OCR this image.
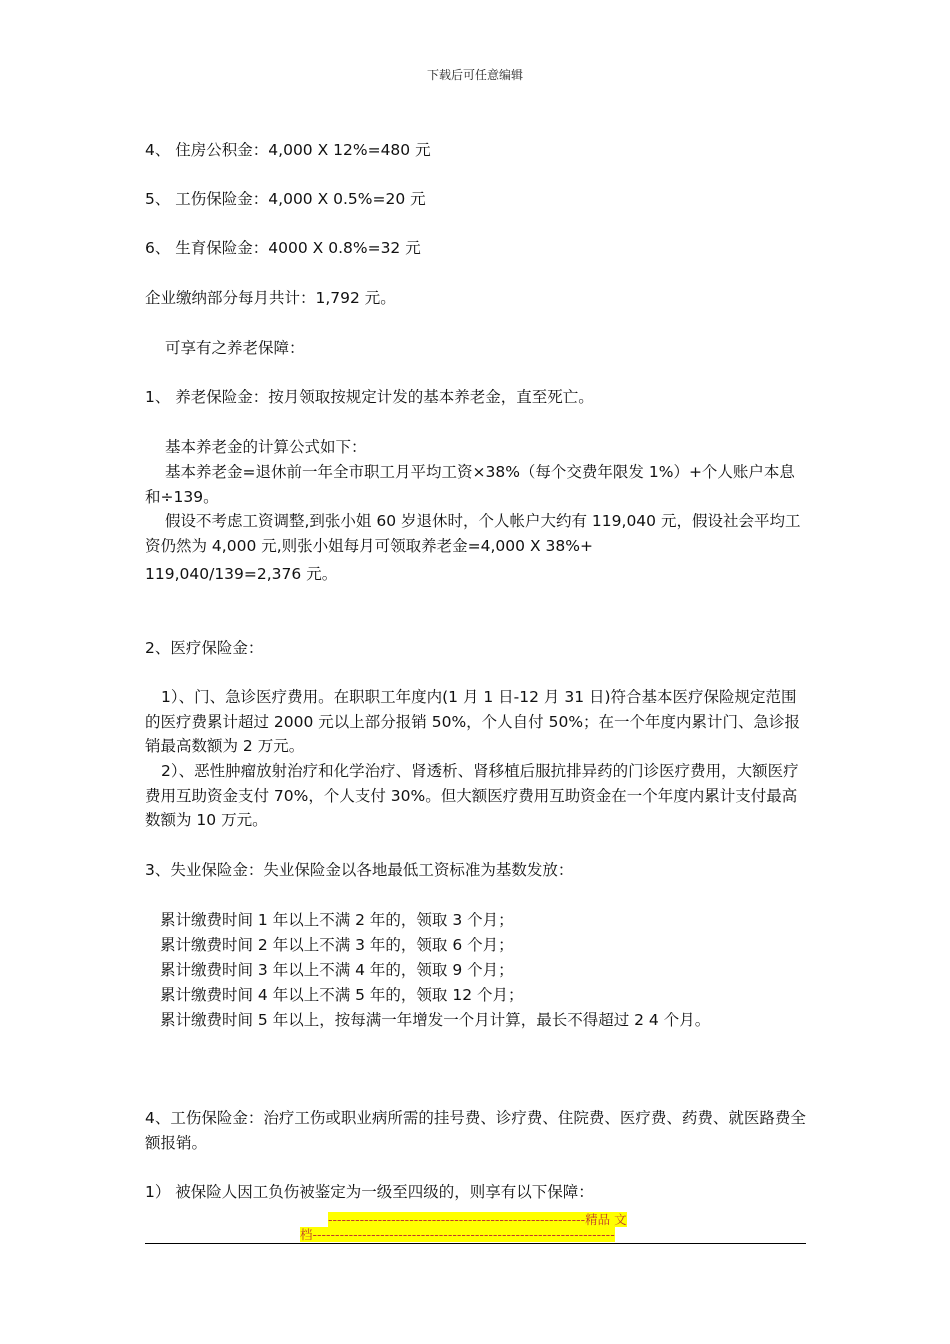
下载后可任意编辑
4、 住房公积金：4,000 X 12%=480 元
5、 工伤保险金：4,000 X 0.5%=20 元
6、 生育保险金：4000 X 0.8%=32 元
企业缴纳部分每月共计：1,792 元。
可享有之养老保障：
1、 养老保险金：按月领取按规定计发的基本养老金，直至死亡。
基本养老金的计算公式如下：
基本养老金=退休前一年全市职工月平均工资×38%（每个交费年限发 1%）+个人账户本息和÷139。
假设不考虑工资调整,到张小姐 60 岁退休时，个人帐户大约有 119,040 元，假设社会平均工资仍然为 4,000 元,则张小姐每月可领取养老金=4,000 X 38%+
119,040/139=2,376 元。
2、医疗保险金：
1）、门、急诊医疗费用。在职职工年度内(1 月 1 日-12 月 31 日)符合基本医疗保险规定范围的医疗费累计超过 2000 元以上部分报销 50%，个人自付 50%；在一个年度内累计门、急诊报销最高数额为 2 万元。
2）、恶性肿瘤放射治疗和化学治疗、肾透析、肾移植后服抗排异药的门诊医疗费用，大额医疗费用互助资金支付 70%，个人支付 30%。但大额医疗费用互助资金在一个年度内累计支付最高数额为 10 万元。
3、失业保险金：失业保险金以各地最低工资标准为基数发放：
累计缴费时间 1 年以上不满 2 年的，领取 3 个月；
累计缴费时间 2 年以上不满 3 年的，领取 6 个月；
累计缴费时间 3 年以上不满 4 年的，领取 9 个月；
累计缴费时间 4 年以上不满 5 年的，领取 12 个月；
累计缴费时间 5 年以上，按每满一年增发一个月计算，最长不得超过 2 4 个月。
4、工伤保险金：治疗工伤或职业病所需的挂号费、诊疗费、住院费、医疗费、药费、就医路费全额报销。
1） 被保险人因工负伤被鉴定为一级至四级的，则享有以下保障：
---------------------------------------------------------精品 文
档-------------------------------------------------------------------
